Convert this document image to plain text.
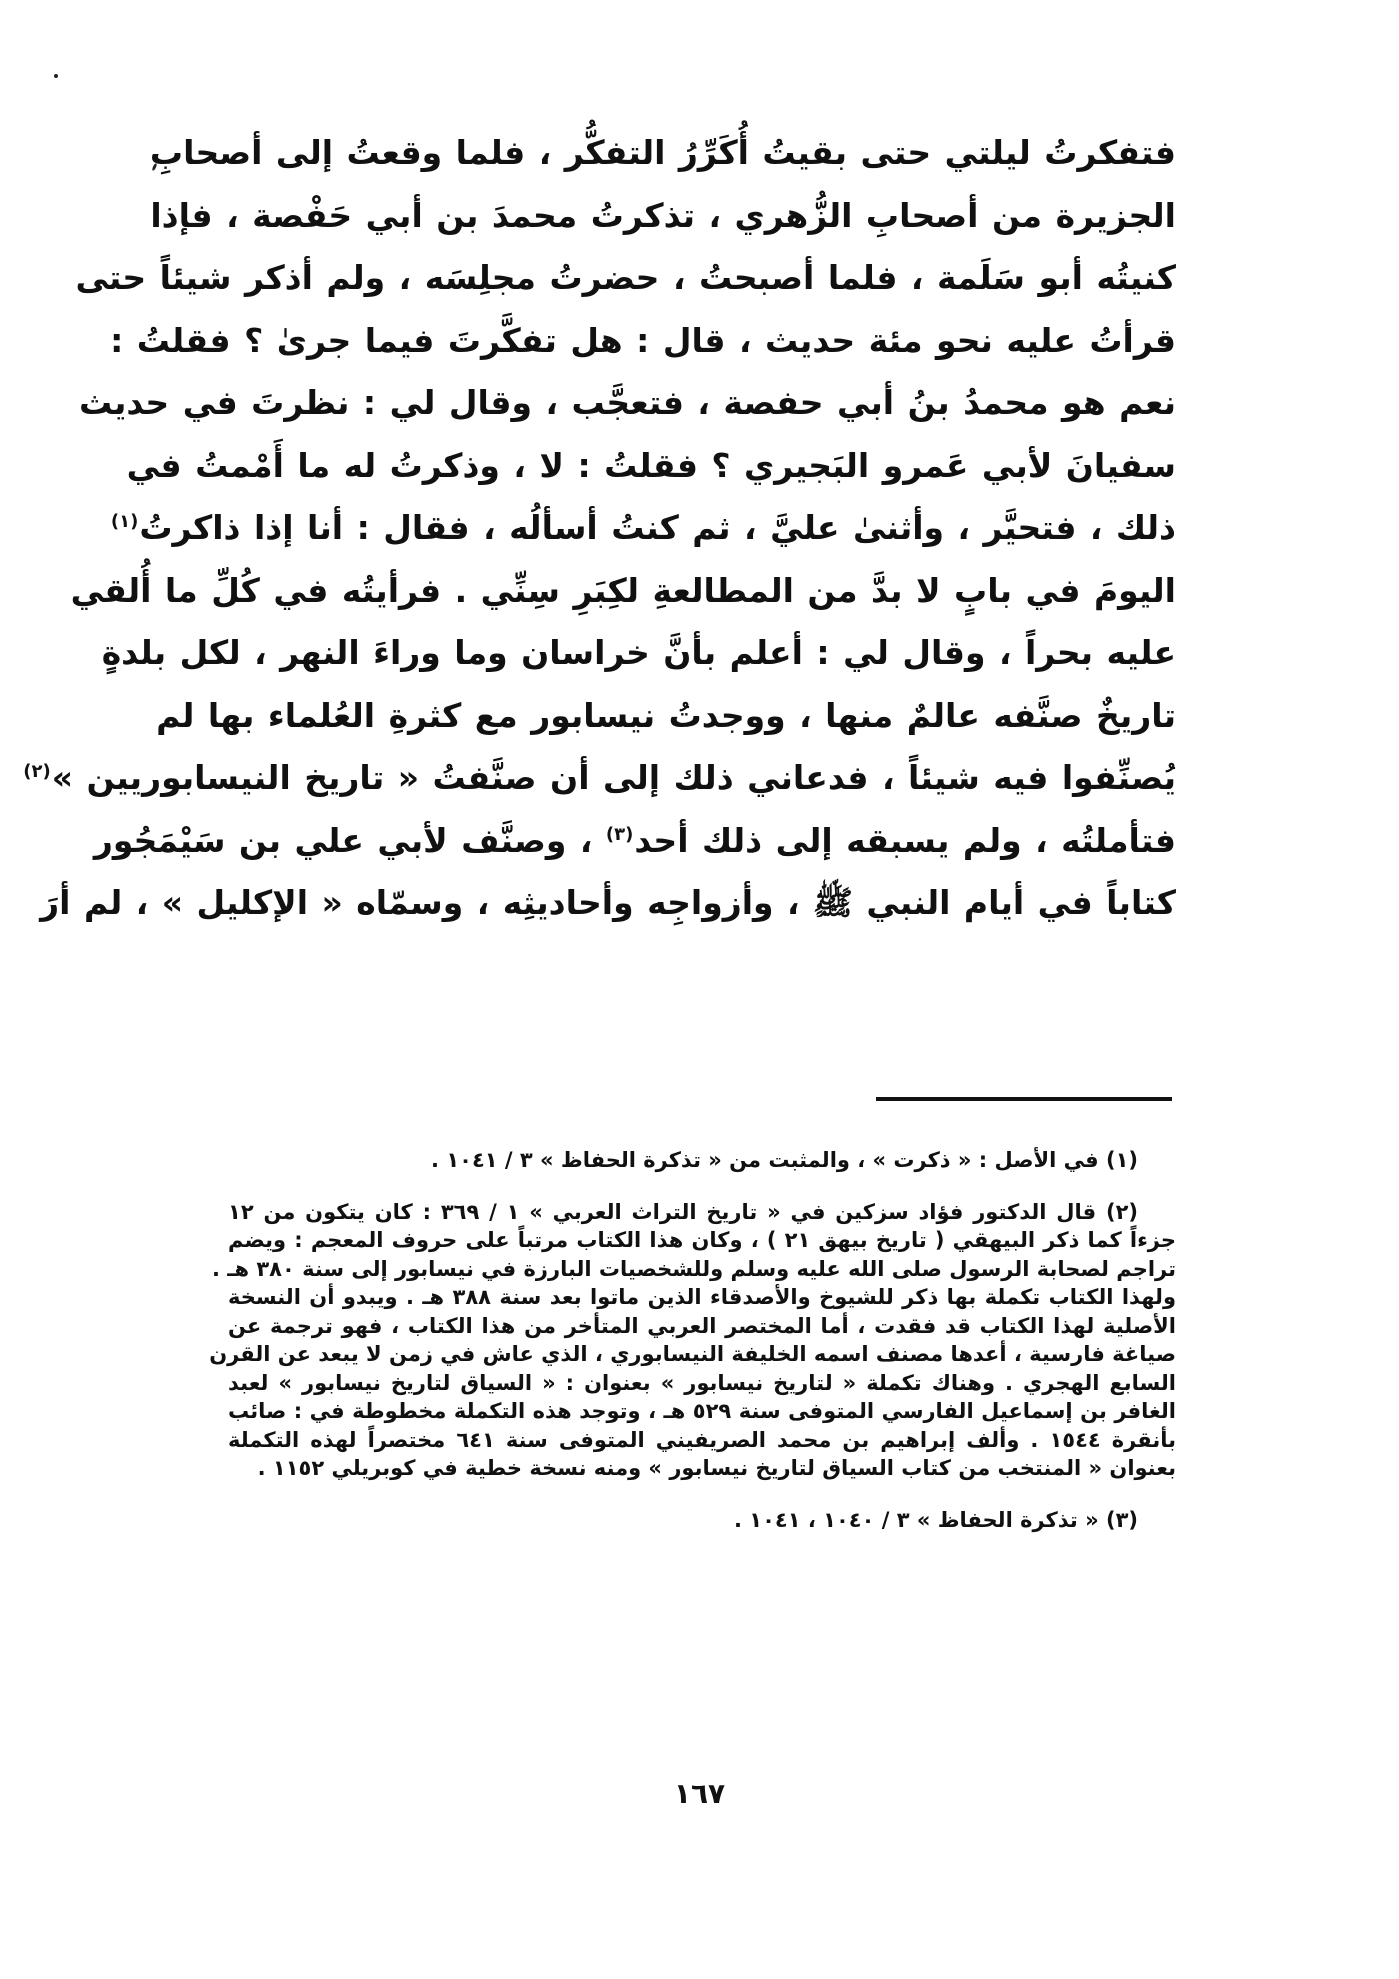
فتفكرتُ ليلتي حتى بقيتُ أُكَرِّرُ التفكُّر ، فلما وقعتُ إلى أصحابِ
الجزيرة من أصحابِ الزُّهري ، تذكرتُ محمدَ بن أبي حَفْصة ، فإذا
كنيتُه أبو سَلَمة ، فلما أصبحتُ ، حضرتُ مجلِسَه ، ولم أذكر شيئاً حتى
قرأتُ عليه نحو مئة حديث ، قال : هل تفكَّرتَ فيما جرىٰ ؟ فقلتُ :
نعم هو محمدُ بنُ أبي حفصة ، فتعجَّب ، وقال لي : نظرتَ في حديث
سفيانَ لأبي عَمرو البَجيري ؟ فقلتُ : لا ، وذكرتُ له ما أَمْمتُ في
ذلك ، فتحيَّر ، وأثنىٰ عليَّ ، ثم كنتُ أسألُه ، فقال : أنا إذا ذاكرتُ$^{(١)}$
اليومَ في بابٍ لا بدَّ من المطالعةِ لكِبَرِ سِنِّي . فرأيتُه في كُلِّ ما أُلقي
عليه بحراً ، وقال لي : أعلم بأنَّ خراسان وما وراءَ النهر ، لكل بلدةٍ
تاريخٌ صنَّفه عالمٌ منها ، ووجدتُ نيسابور مع كثرةِ العُلماء بها لم
يُصنِّفوا فيه شيئاً ، فدعاني ذلك إلى أن صنَّفتُ « تاريخ النيسابوريين »$^{(٢)}$
فتأملتُه ، ولم يسبقه إلى ذلك أحد$^{(٣)}$ ، وصنَّف لأبي علي بن سَيْمَجُور
كتاباً في أيام النبي ﷺ ، وأزواجِه وأحاديثِه ، وسمّاه « الإكليل » ، لم أرَ
(١) في الأصل : « ذكرت » ، والمثبت من « تذكرة الحفاظ » ٣ / ١٠٤١ .
(٢) قال الدكتور فؤاد سزكين في « تاريخ التراث العربي » ١ / ٣٦٩ : كان يتكون من ١٢
جزءاً كما ذكر البيهقي ( تاريخ بيهق ٢١ ) ، وكان هذا الكتاب مرتباً على حروف المعجم : ويضم
تراجم لصحابة الرسول صلى الله عليه وسلم وللشخصيات البارزة في نيسابور إلى سنة ٣٨٠ هـ .
ولهذا الكتاب تكملة بها ذكر للشيوخ والأصدقاء الذين ماتوا بعد سنة ٣٨٨ هـ . ويبدو أن النسخة
الأصلية لهذا الكتاب قد فقدت ، أما المختصر العربي المتأخر من هذا الكتاب ، فهو ترجمة عن
صياغة فارسية ، أعدها مصنف اسمه الخليفة النيسابوري ، الذي عاش في زمن لا يبعد عن القرن
السابع الهجري . وهناك تكملة « لتاريخ نيسابور » بعنوان : « السياق لتاريخ نيسابور » لعبد
الغافر بن إسماعيل الفارسي المتوفى سنة ٥٢٩ هـ ، وتوجد هذه التكملة مخطوطة في : صائب
بأنقرة ١٥٤٤ . وألف إبراهيم بن محمد الصريفيني المتوفى سنة ٦٤١ مختصراً لهذه التكملة
بعنوان « المنتخب من كتاب السياق لتاريخ نيسابور » ومنه نسخة خطية في كوبريلي ١١٥٢ .
(٣) « تذكرة الحفاظ » ٣ / ١٠٤٠ ، ١٠٤١ .
١٦٧
